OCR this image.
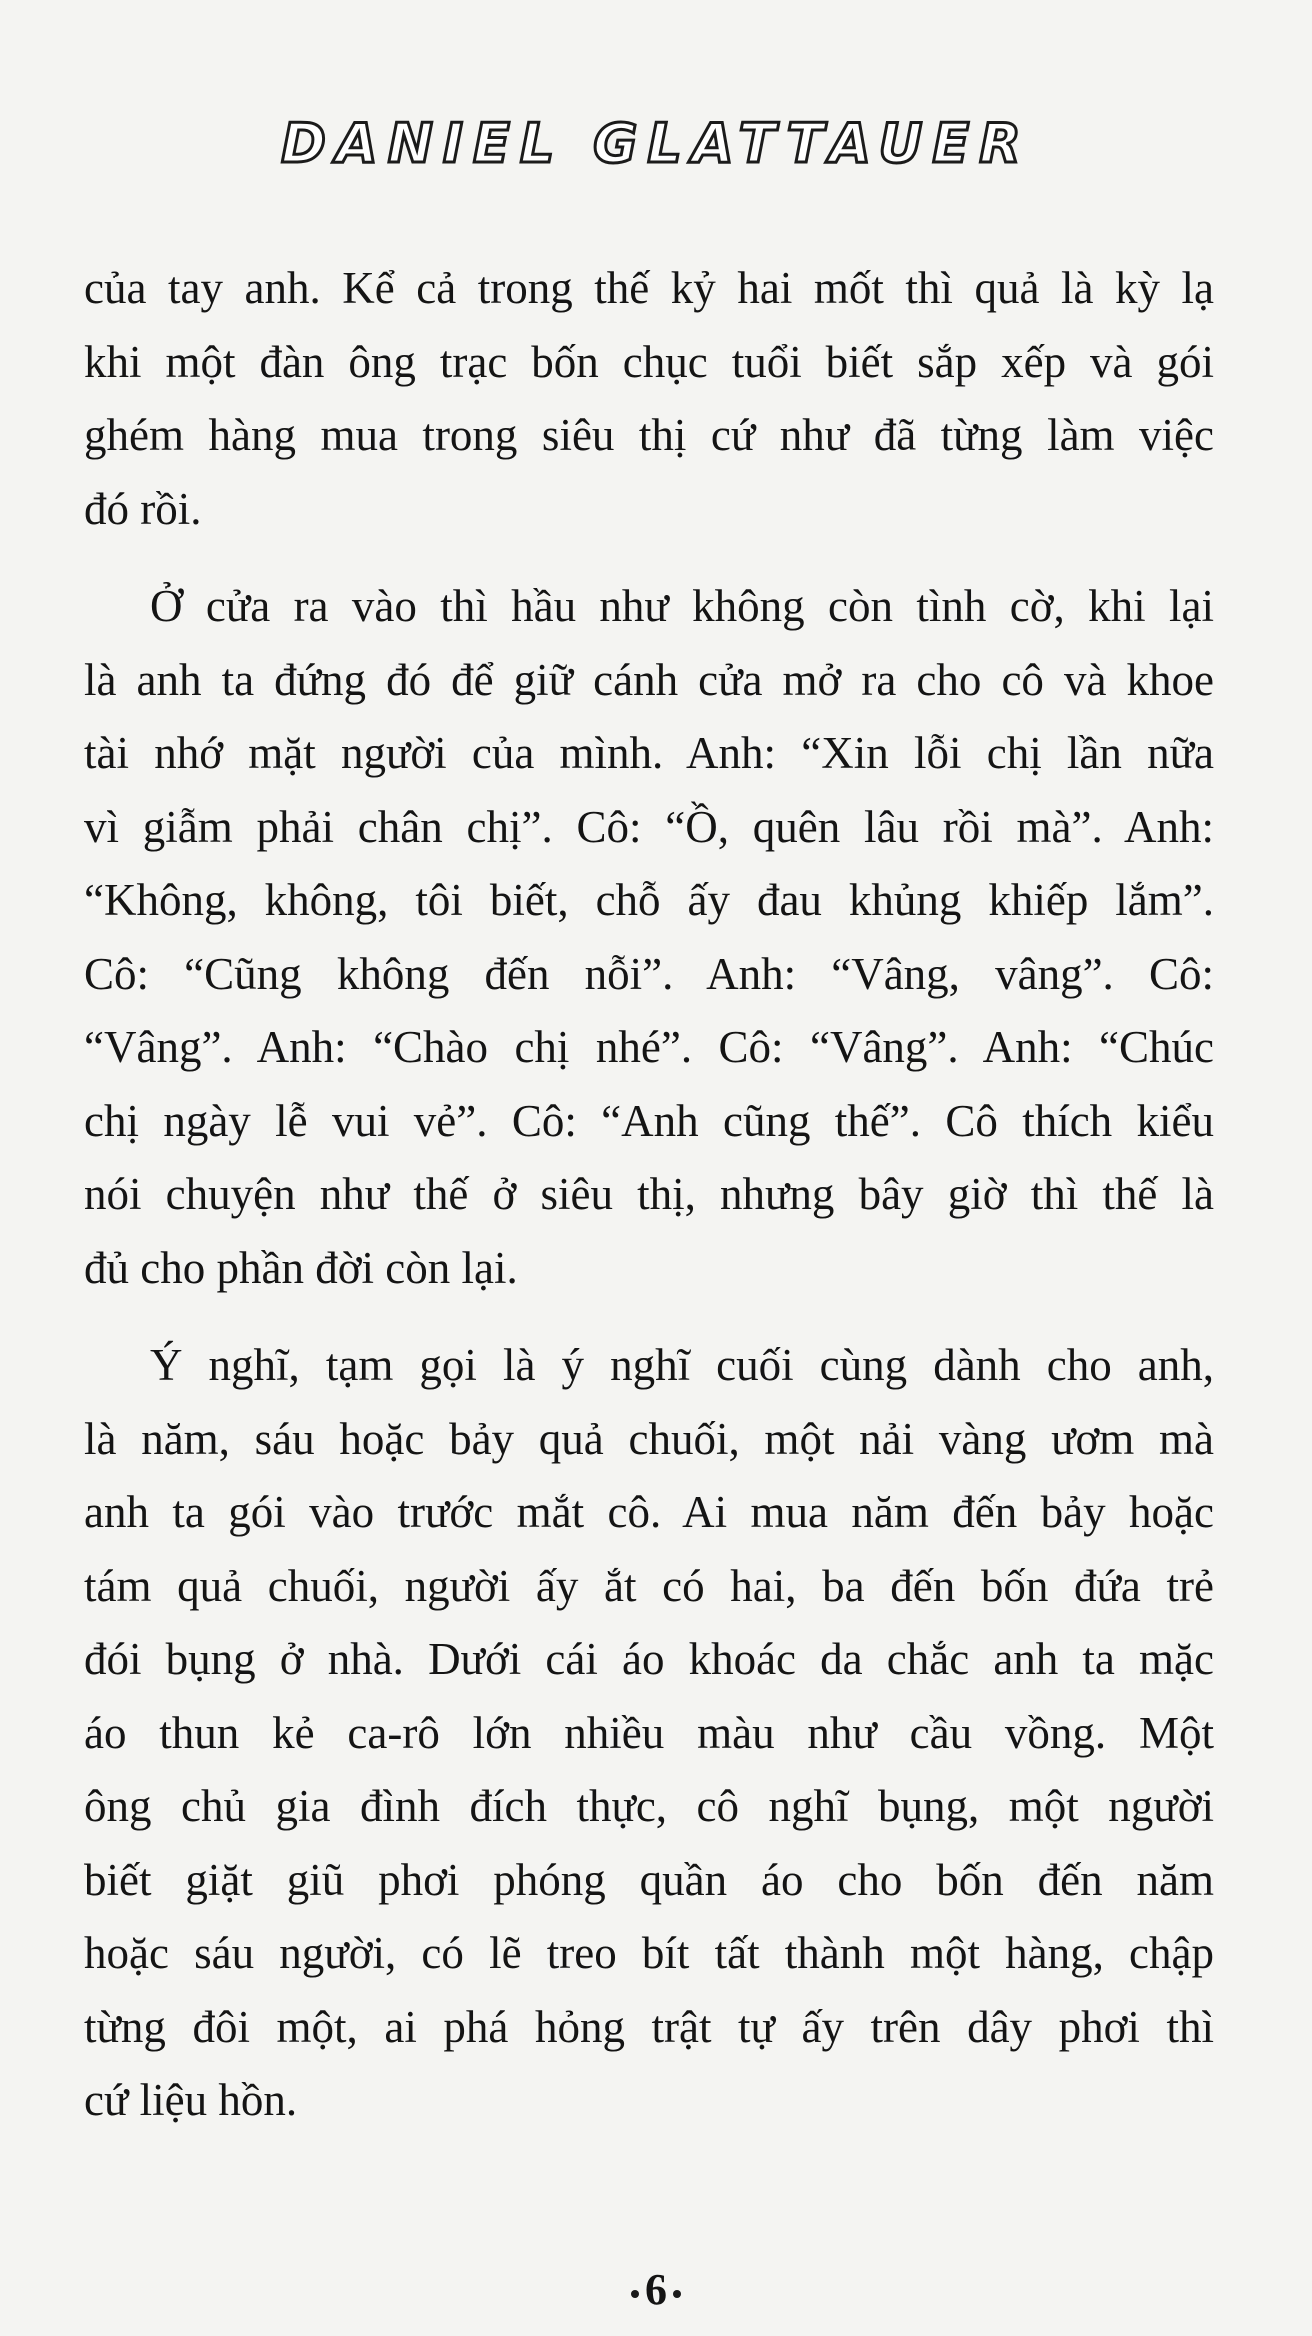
DANIEL GLATTAUER
của tay anh. Kể cả trong thế kỷ hai mốt thì quả là kỳ lạ
khi một đàn ông trạc bốn chục tuổi biết sắp xếp và gói
ghém hàng mua trong siêu thị cứ như đã từng làm việc
đó rồi.
Ở cửa ra vào thì hầu như không còn tình cờ, khi lại
là anh ta đứng đó để giữ cánh cửa mở ra cho cô và khoe
tài nhớ mặt người của mình. Anh: “Xin lỗi chị lần nữa
vì giẫm phải chân chị”. Cô: “Ồ, quên lâu rồi mà”. Anh:
“Không, không, tôi biết, chỗ ấy đau khủng khiếp lắm”.
Cô: “Cũng không đến nỗi”. Anh: “Vâng, vâng”. Cô:
“Vâng”. Anh: “Chào chị nhé”. Cô: “Vâng”. Anh: “Chúc
chị ngày lễ vui vẻ”. Cô: “Anh cũng thế”. Cô thích kiểu
nói chuyện như thế ở siêu thị, nhưng bây giờ thì thế là
đủ cho phần đời còn lại.
Ý nghĩ, tạm gọi là ý nghĩ cuối cùng dành cho anh,
là năm, sáu hoặc bảy quả chuối, một nải vàng ươm mà
anh ta gói vào trước mắt cô. Ai mua năm đến bảy hoặc
tám quả chuối, người ấy ắt có hai, ba đến bốn đứa trẻ
đói bụng ở nhà. Dưới cái áo khoác da chắc anh ta mặc
áo thun kẻ ca-rô lớn nhiều màu như cầu vồng. Một
ông chủ gia đình đích thực, cô nghĩ bụng, một người
biết giặt giũ phơi phóng quần áo cho bốn đến năm
hoặc sáu người, có lẽ treo bít tất thành một hàng, chập
từng đôi một, ai phá hỏng trật tự ấy trên dây phơi thì
cứ liệu hồn.
6
